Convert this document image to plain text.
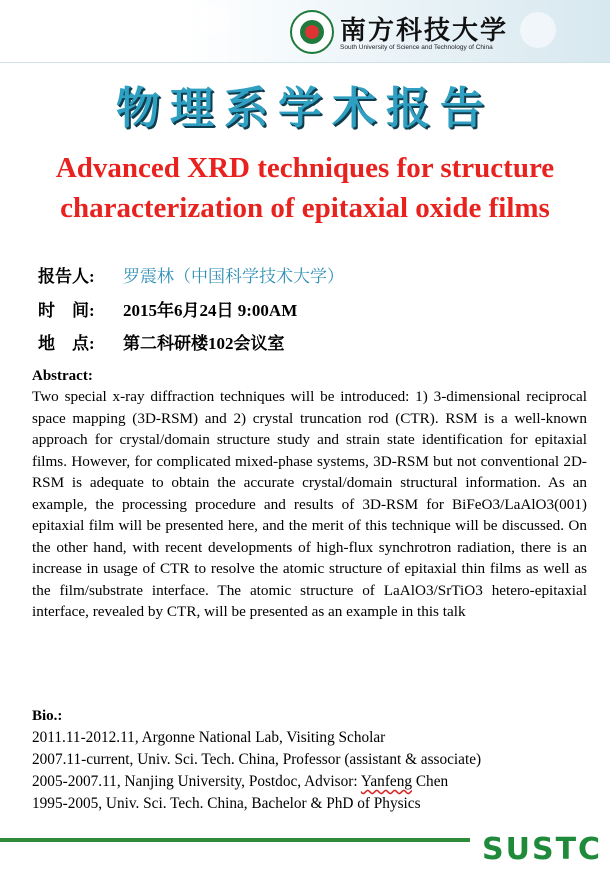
南方科技大学
South University of Science and Technology of China
物理系学术报告
Advanced XRD techniques for structure
characterization of epitaxial oxide films
报告人: 罗震林（中国科学技术大学）
时　间: 2015年6月24日 9:00AM
地　点: 第二科研楼102会议室
Abstract:
Two special x-ray diffraction techniques will be introduced: 1) 3-dimensional reciprocal space mapping (3D-RSM) and 2) crystal truncation rod (CTR). RSM is a well-known approach for crystal/domain structure study and strain state identification for epitaxial films. However, for complicated mixed-phase systems, 3D-RSM but not conventional 2D-RSM is adequate to obtain the accurate crystal/domain structural information. As an example, the processing procedure and results of 3D-RSM for BiFeO3/LaAlO3(001) epitaxial film will be presented here, and the merit of this technique will be discussed. On the other hand, with recent developments of high-flux synchrotron radiation, there is an increase in usage of CTR to resolve the atomic structure of epitaxial thin films as well as the film/substrate interface. The atomic structure of LaAlO3/SrTiO3 hetero-epitaxial interface, revealed by CTR, will be presented as an example in this talk
Bio.:
2011.11-2012.11, Argonne National Lab, Visiting Scholar
2007.11-current, Univ. Sci. Tech. China, Professor (assistant & associate)
2005-2007.11, Nanjing University, Postdoc, Advisor: Yanfeng Chen
1995-2005, Univ. Sci. Tech. China, Bachelor & PhD of Physics
SUSTC
